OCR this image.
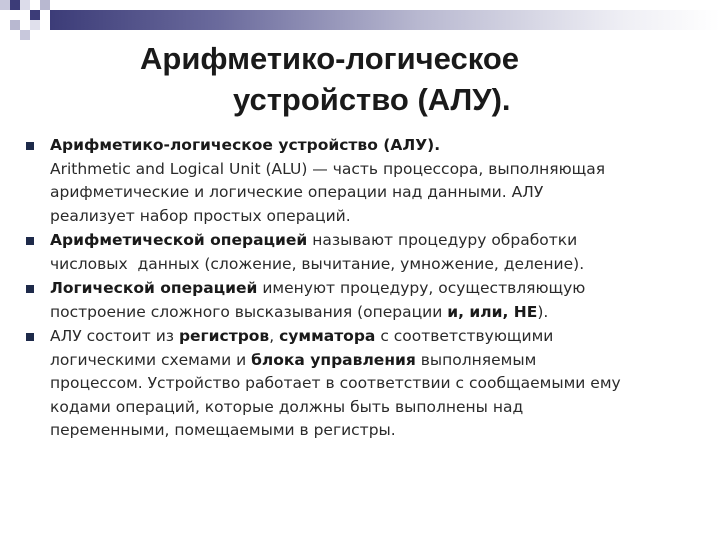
Арифметико-логическое
устройство (АЛУ).
Арифметико-логическое устройство (АЛУ).
Arithmetic and Logical Unit (ALU) — часть процессора, выполняющая
арифметические и логические операции над данными. АЛУ
реализует набор простых операций.
Арифметической операцией называют процедуру обработки
числовых  данных (сложение, вычитание, умножение, деление).
Логической операцией именуют процедуру, осуществляющую
построение сложного высказывания (операции и, или, НЕ).
АЛУ состоит из регистров, сумматора с соответствующими
логическими схемами и блока управления выполняемым
процессом. Устройство работает в соответствии с сообщаемыми ему
кодами операций, которые должны быть выполнены над
переменными, помещаемыми в регистры.
